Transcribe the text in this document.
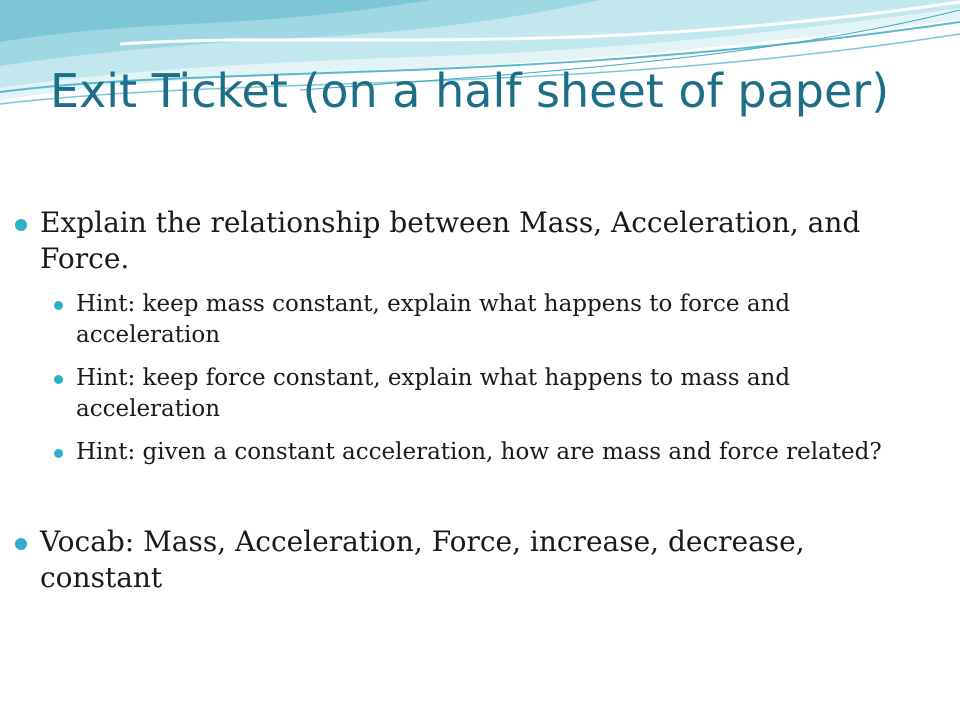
Exit Ticket (on a half sheet of paper)
Explain the relationship between Mass, Acceleration, and Force.
Hint: keep mass constant, explain what happens to force and acceleration
Hint: keep force constant, explain what happens to mass and acceleration
Hint: given a constant acceleration, how are mass and force related?
Vocab: Mass, Acceleration, Force, increase, decrease, constant
